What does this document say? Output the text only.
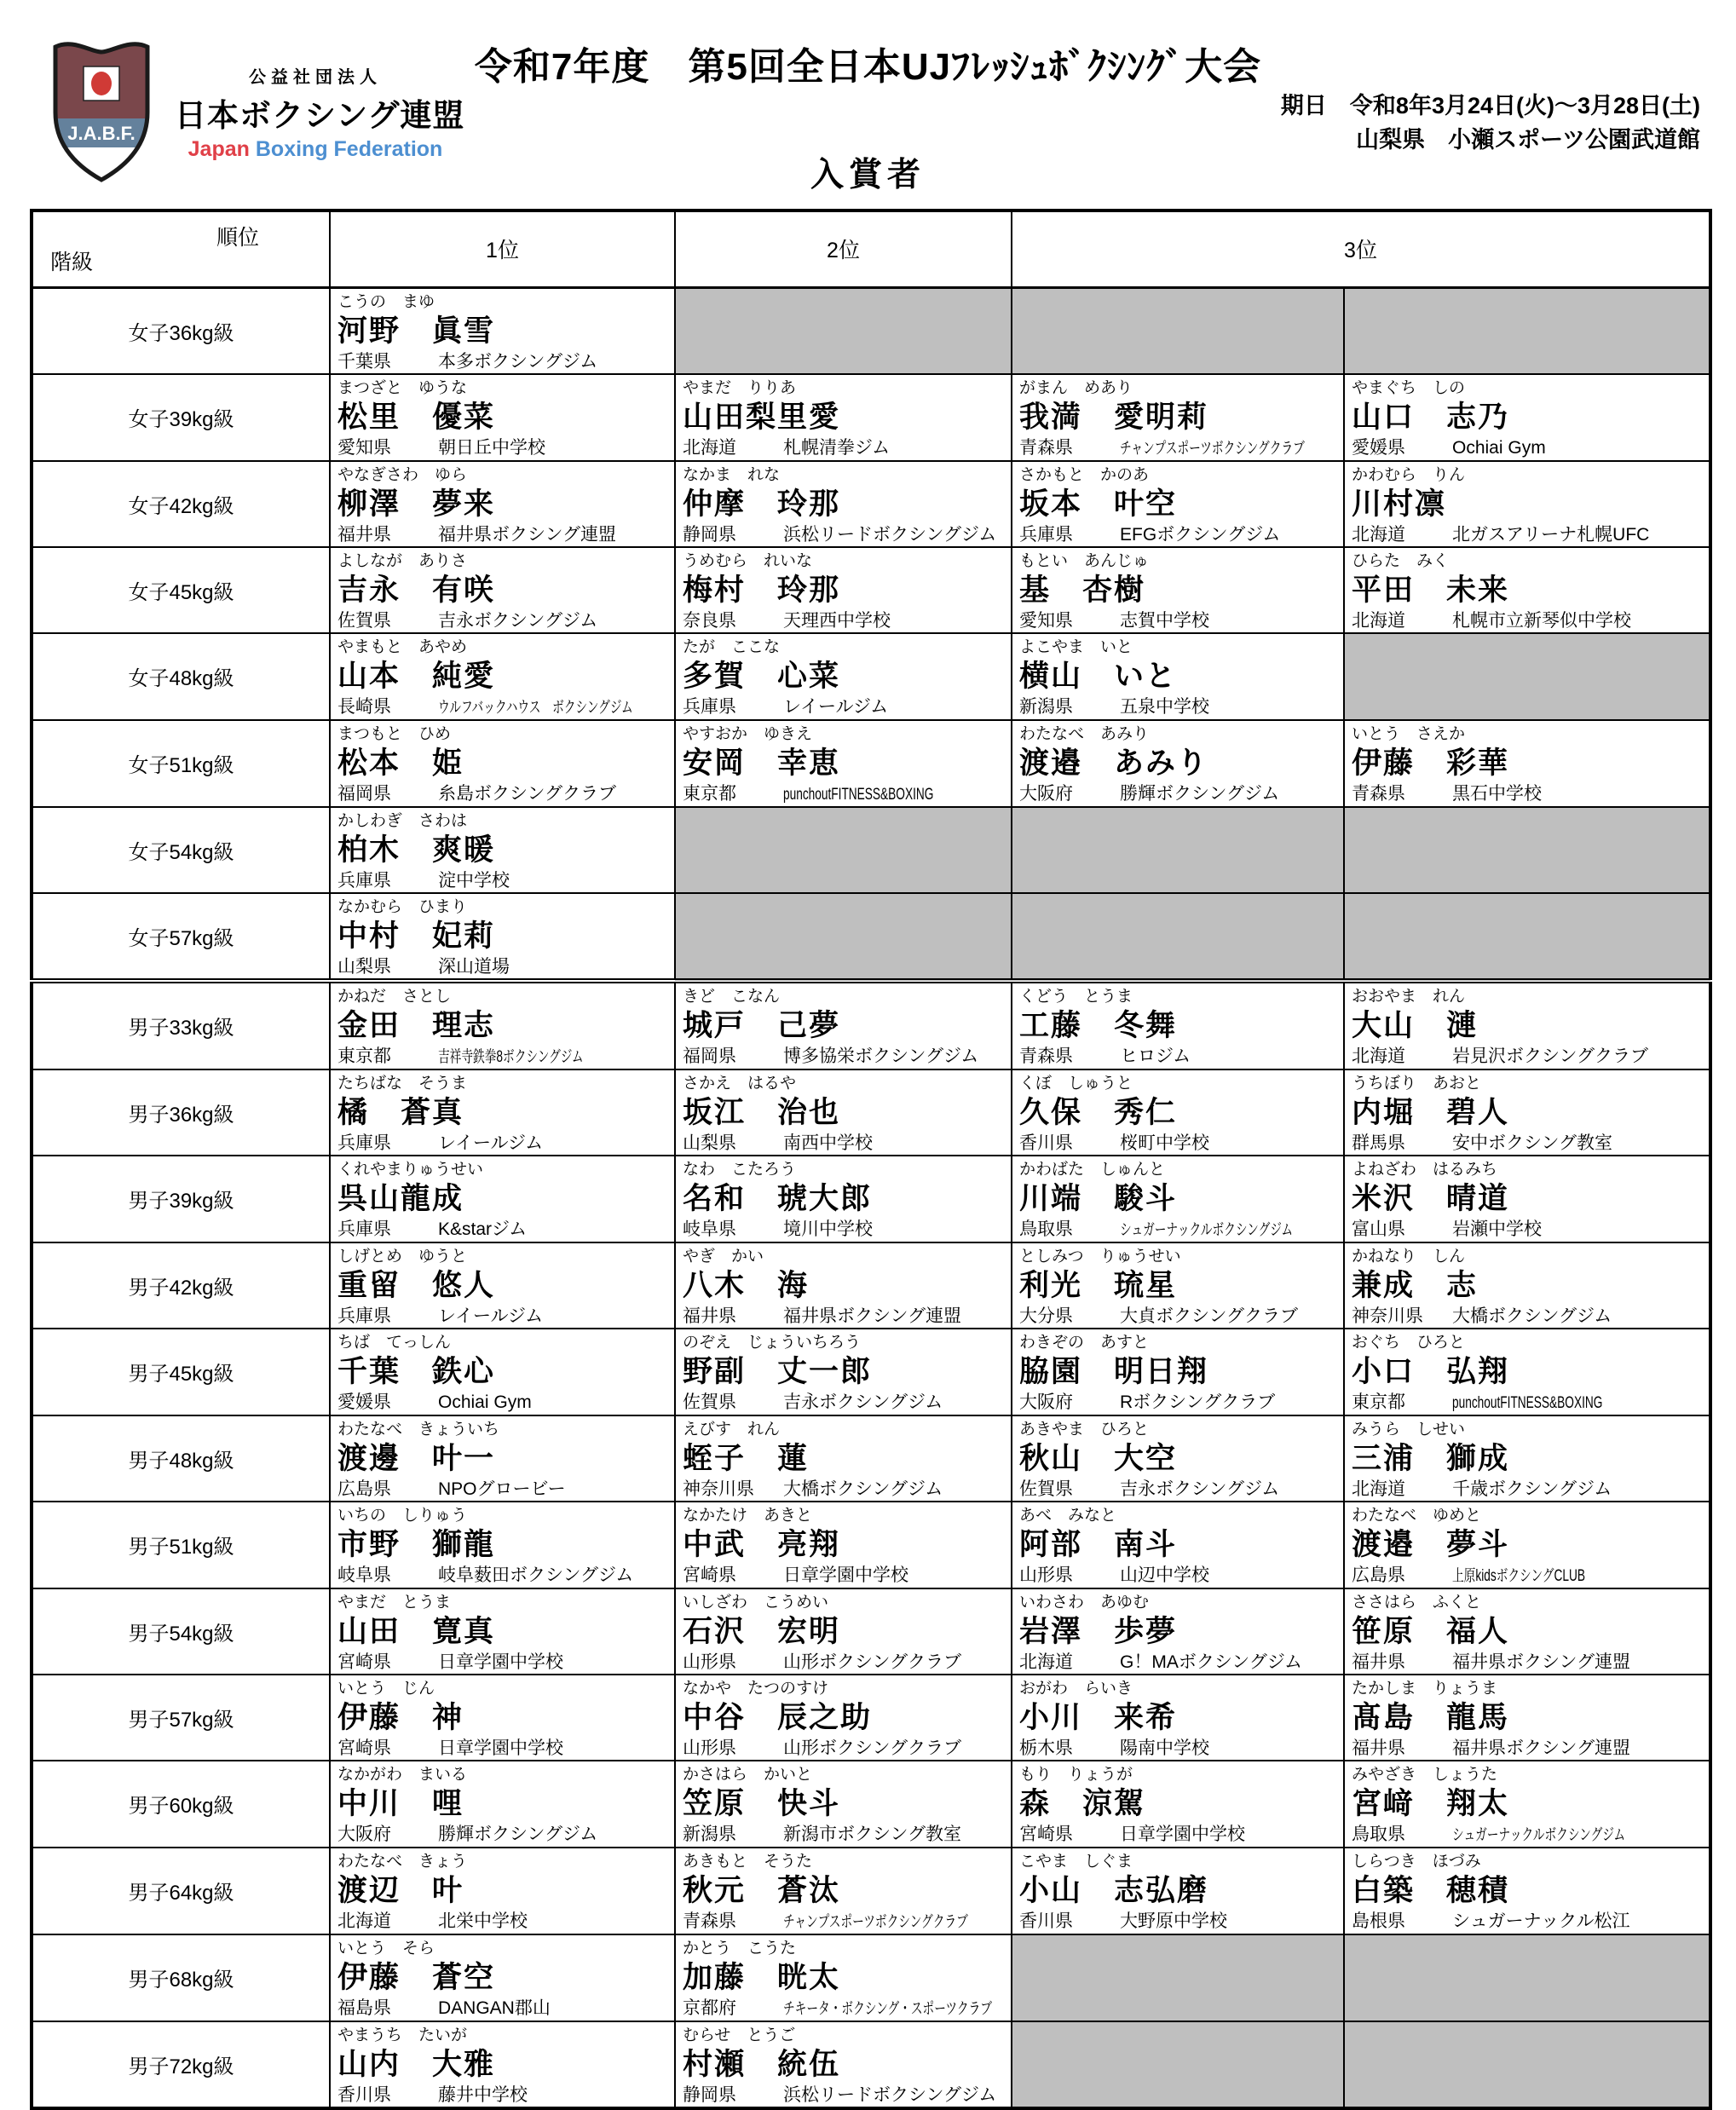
J.A.B.F.
公益社団法人
日本ボクシング連盟
Japan Boxing Federation
令和7年度　第5回全日本UJﾌﾚｯｼｭﾎﾞｸｼﾝｸﾞ大会
期日　令和8年3月24日(火)～3月28日(土)
山梨県　小瀬スポーツ公園武道館
入賞者
順位
階級	1位	2位	3位	
女子36kg級	こうの　まゆ
河野　眞雪
千葉県 本多ボクシングジム			

女子39kg級	
まつざと　ゆうな
松里　優菜
愛知県	朝日丘中学校

やまだ　りりあ
山田梨里愛
北海道	札幌清拳ジム

がまん　めあり
我満　愛明莉
青森県	チャンプスポーツボクシングクラブ

やまぐち　しの
山口　志乃
愛媛県	Ochiai Gym

女子42kg級	
やなぎさわ　ゆら
柳澤　夢来
福井県	福井県ボクシング連盟

なかま　れな
仲摩　玲那
静岡県	浜松リードボクシングジム

さかもと　かのあ
坂本　叶空
兵庫県	EFGボクシングジム

かわむら　りん
川村凛
北海道	北ガスアリーナ札幌UFC

女子45kg級	
よしなが　ありさ
吉永　有咲
佐賀県	吉永ボクシングジム

うめむら　れいな
梅村　玲那
奈良県	天理西中学校

もとい　あんじゅ
基　杏樹
愛知県	志賀中学校

ひらた　みく
平田　未来
北海道	札幌市立新琴似中学校

女子48kg級	
やまもと　あやめ
山本　純愛
長崎県	ウルフバックハウス　ボクシングジム

たが　ここな
多賀　心菜
兵庫県	レイールジム

よこやま　いと
横山　いと
新潟県	五泉中学校

女子51kg級	
まつもと　ひめ
松本　姫
福岡県	糸島ボクシングクラブ

やすおか　ゆきえ
安岡　幸恵
東京都	punchoutFITNESS&BOXING

わたなべ　あみり
渡邉　あみり
大阪府	勝輝ボクシングジム

いとう　さえか
伊藤　彩華
青森県	黒石中学校

女子54kg級	かしわぎ　さわは
柏木　爽暖
兵庫県 淀中学校			

女子57kg級	なかむら　ひまり
中村　妃莉
山梨県 深山道場			

男子33kg級	
かねだ　さとし
金田　理志
東京都	吉祥寺鉄拳8ボクシングジム

きど　こなん
城戸　己夢
福岡県	博多協栄ボクシングジム

くどう　とうま
工藤　冬舞
青森県	ヒロジム

おおやま　れん
大山　漣
北海道	岩見沢ボクシングクラブ

男子36kg級	
たちばな　そうま
橘　蒼真
兵庫県	レイールジム

さかえ　はるや
坂江　治也
山梨県	南西中学校

くぼ　しゅうと
久保　秀仁
香川県	桜町中学校

うちぼり　あおと
内堀　碧人
群馬県	安中ボクシング教室

男子39kg級	
くれやまりゅうせい
呉山龍成
兵庫県	K&starジム

なわ　こたろう
名和　琥大郎
岐阜県	境川中学校

かわばた　しゅんと
川端　駿斗
鳥取県	シュガーナックルボクシングジム

よねざわ　はるみち
米沢　晴道
富山県	岩瀬中学校

男子42kg級	
しげとめ　ゆうと
重留　悠人
兵庫県	レイールジム

やぎ　かい
八木　海
福井県	福井県ボクシング連盟

としみつ　りゅうせい
利光　琉星
大分県	大貞ボクシングクラブ

かねなり　しん
兼成　志
神奈川県	大橋ボクシングジム

男子45kg級	
ちば　てっしん
千葉　鉄心
愛媛県	Ochiai Gym

のぞえ　じょういちろう
野副　丈一郎
佐賀県	吉永ボクシングジム

わきぞの　あすと
脇園　明日翔
大阪府	Rボクシングクラブ

おぐち　ひろと
小口　弘翔
東京都	punchoutFITNESS&BOXING

男子48kg級	
わたなべ　きょういち
渡邊　叶一
広島県	NPOグロービー

えびす　れん
蛭子　蓮
神奈川県	大橋ボクシングジム

あきやま　ひろと
秋山　大空
佐賀県	吉永ボクシングジム

みうら　しせい
三浦　獅成
北海道	千歳ボクシングジム

男子51kg級	
いちの　しりゅう
市野　獅龍
岐阜県	岐阜薮田ボクシングジム

なかたけ　あきと
中武　亮翔
宮崎県	日章学園中学校

あべ　みなと
阿部　南斗
山形県	山辺中学校

わたなべ　ゆめと
渡邉　夢斗
広島県	上原kidsボクシングCLUB

男子54kg級	
やまだ　とうま
山田　寛真
宮崎県	日章学園中学校

いしざわ　こうめい
石沢　宏明
山形県	山形ボクシングクラブ

いわさわ　あゆむ
岩澤　歩夢
北海道	G！MAボクシングジム

ささはら　ふくと
笹原　福人
福井県	福井県ボクシング連盟

男子57kg級	
いとう　じん
伊藤　神
宮崎県	日章学園中学校

なかや　たつのすけ
中谷　辰之助
山形県	山形ボクシングクラブ

おがわ　らいき
小川　来希
栃木県	陽南中学校

たかしま　りょうま
髙島　龍馬
福井県	福井県ボクシング連盟

男子60kg級	
なかがわ　まいる
中川　哩
大阪府	勝輝ボクシングジム

かさはら　かいと
笠原　快斗
新潟県	新潟市ボクシング教室

もり　りょうが
森　涼駕
宮崎県	日章学園中学校

みやざき　しょうた
宮﨑　翔太
鳥取県	シュガーナックルボクシングジム

男子64kg級	
わたなべ　きょう
渡辺　叶
北海道	北栄中学校

あきもと　そうた
秋元　蒼汰
青森県	チャンプスポーツボクシングクラブ

こやま　しぐま
小山　志弘磨
香川県	大野原中学校

しらつき　ほづみ
白築　穂積
島根県	シュガーナックル松江

男子68kg級	
いとう　そら
伊藤　蒼空
福島県	DANGAN郡山

かとう　こうた
加藤　晄太
京都府	チキータ・ボクシング・スポーツクラブ

男子72kg級	
やまうち　たいが
山内　大雅
香川県	藤井中学校

むらせ　とうご
村瀬　統伍
静岡県	浜松リードボクシングジム
